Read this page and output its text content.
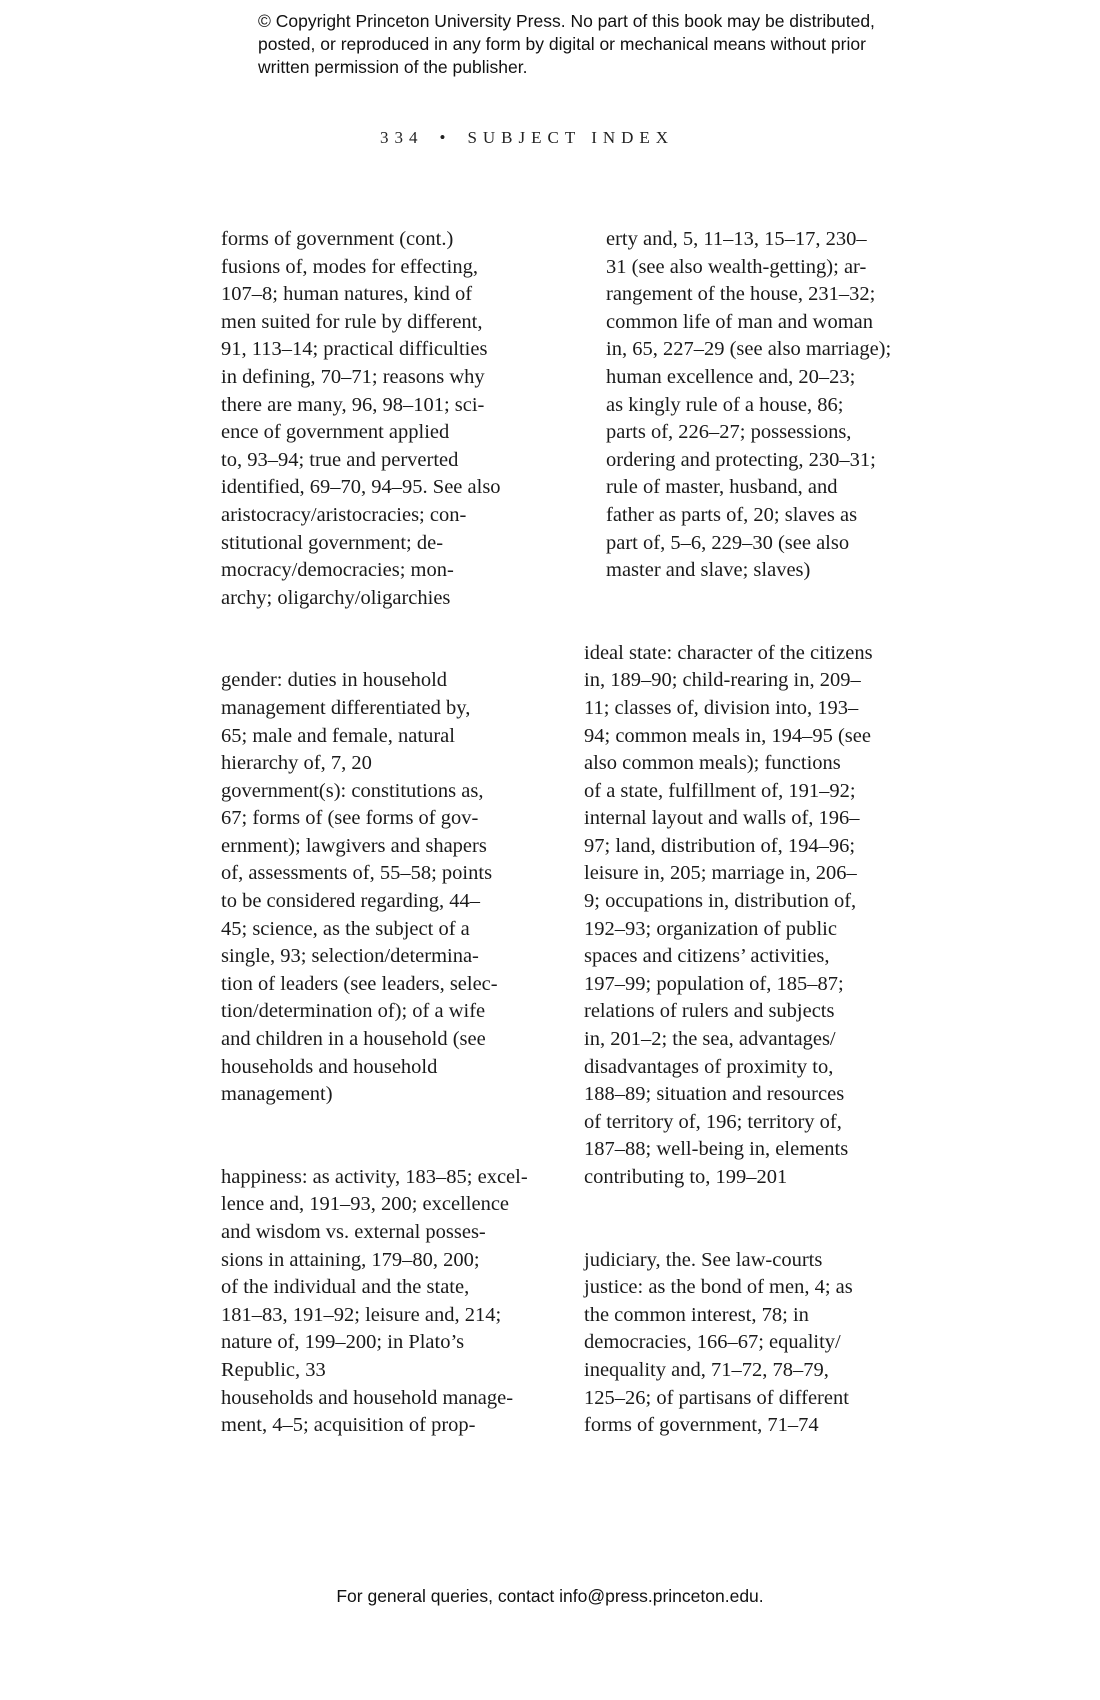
© Copyright Princeton University Press. No part of this book may be distributed, posted, or reproduced in any form by digital or mechanical means without prior written permission of the publisher.
334 • SUBJECT INDEX
forms of government (cont.)
fusions of, modes for effecting,
107–8; human natures, kind of
men suited for rule by different,
91, 113–14; practical difficulties
in defining, 70–71; reasons why
there are many, 96, 98–101; sci-
ence of government applied
to, 93–94; true and perverted
identified, 69–70, 94–95. See also
aristocracy/aristocracies; con-
stitutional government; de-
mocracy/democracies; mon-
archy; oligarchy/oligarchies
gender: duties in household
management differentiated by,
65; male and female, natural
hierarchy of, 7, 20
government(s): constitutions as,
67; forms of (see forms of gov-
ernment); lawgivers and shapers
of, assessments of, 55–58; points
to be considered regarding, 44–
45; science, as the subject of a
single, 93; selection/determina-
tion of leaders (see leaders, selec-
tion/determination of); of a wife
and children in a household (see
households and household
management)
happiness: as activity, 183–85; excel-
lence and, 191–93, 200; excellence
and wisdom vs. external posses-
sions in attaining, 179–80, 200;
of the individual and the state,
181–83, 191–92; leisure and, 214;
nature of, 199–200; in Plato’s
Republic, 33
households and household manage-
ment, 4–5; acquisition of prop-
erty and, 5, 11–13, 15–17, 230–
31 (see also wealth-getting); ar-
rangement of the house, 231–32;
common life of man and woman
in, 65, 227–29 (see also marriage);
human excellence and, 20–23;
as kingly rule of a house, 86;
parts of, 226–27; possessions,
ordering and protecting, 230–31;
rule of master, husband, and
father as parts of, 20; slaves as
part of, 5–6, 229–30 (see also
master and slave; slaves)
ideal state: character of the citizens
in, 189–90; child-rearing in, 209–
11; classes of, division into, 193–
94; common meals in, 194–95 (see
also common meals); functions
of a state, fulfillment of, 191–92;
internal layout and walls of, 196–
97; land, distribution of, 194–96;
leisure in, 205; marriage in, 206–
9; occupations in, distribution of,
192–93; organization of public
spaces and citizens’ activities,
197–99; population of, 185–87;
relations of rulers and subjects
in, 201–2; the sea, advantages/
disadvantages of proximity to,
188–89; situation and resources
of territory of, 196; territory of,
187–88; well-being in, elements
contributing to, 199–201
judiciary, the. See law-courts
justice: as the bond of men, 4; as
the common interest, 78; in
democracies, 166–67; equality/
inequality and, 71–72, 78–79,
125–26; of partisans of different
forms of government, 71–74
For general queries, contact info@press.princeton.edu.
